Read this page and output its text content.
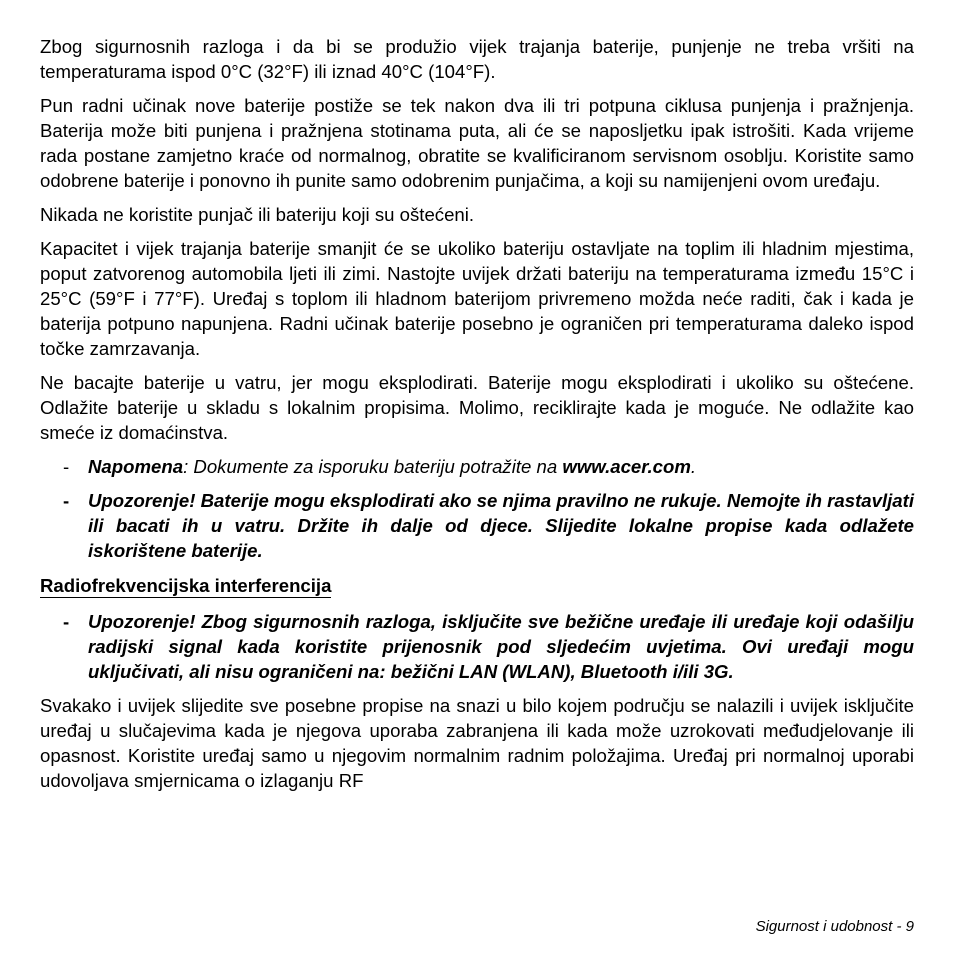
Zbog sigurnosnih razloga i da bi se produžio vijek trajanja baterije, punjenje ne treba vršiti na temperaturama ispod 0°C (32°F) ili iznad 40°C (104°F).

Pun radni učinak nove baterije postiže se tek nakon dva ili tri potpuna ciklusa punjenja i pražnjenja. Baterija može biti punjena i pražnjena stotinama puta, ali će se naposljetku ipak istrošiti. Kada vrijeme rada postane zamjetno kraće od normalnog, obratite se kvalificiranom servisnom osoblju. Koristite samo odobrene baterije i ponovno ih punite samo odobrenim punjačima, a koji su namijenjeni ovom uređaju.

Nikada ne koristite punjač ili bateriju koji su oštećeni.

Kapacitet i vijek trajanja baterije smanjit će se ukoliko bateriju ostavljate na toplim ili hladnim mjestima, poput zatvorenog automobila ljeti ili zimi. Nastojte uvijek držati bateriju na temperaturama između 15°C i 25°C (59°F i 77°F). Uređaj s toplom ili hladnom baterijom privremeno možda neće raditi, čak i kada je baterija potpuno napunjena. Radni učinak baterije posebno je ograničen pri temperaturama daleko ispod točke zamrzavanja.

Ne bacajte baterije u vatru, jer mogu eksplodirati. Baterije mogu eksplodirati i ukoliko su oštećene. Odlažite baterije u skladu s lokalnim propisima. Molimo, reciklirajte kada je moguće. Ne odlažite kao smeće iz domaćinstva.

-	Napomena: Dokumente za isporuku bateriju potražite na www.acer.com.
-	Upozorenje! Baterije mogu eksplodirati ako se njima pravilno ne rukuje. Nemojte ih rastavljati ili bacati ih u vatru. Držite ih dalje od djece. Slijedite lokalne propise kada odlažete iskorištene baterije.
Radiofrekvencijska interferencija
-	Upozorenje! Zbog sigurnosnih razloga, isključite sve bežične uređaje ili uređaje koji odašilju radijski signal kada koristite prijenosnik pod sljedećim uvjetima. Ovi uređaji mogu uključivati, ali nisu ograničeni na: bežični LAN (WLAN), Bluetooth i/ili 3G.

Svakako i uvijek slijedite sve posebne propise na snazi u bilo kojem području se nalazili i uvijek isključite uređaj u slučajevima kada je njegova uporaba zabranjena ili kada može uzrokovati međudjelovanje ili opasnost. Koristite uređaj samo u njegovim normalnim radnim položajima. Uređaj pri normalnoj uporabi udovoljava smjernicama o izlaganju RF

Sigurnost i udobnost - 9
